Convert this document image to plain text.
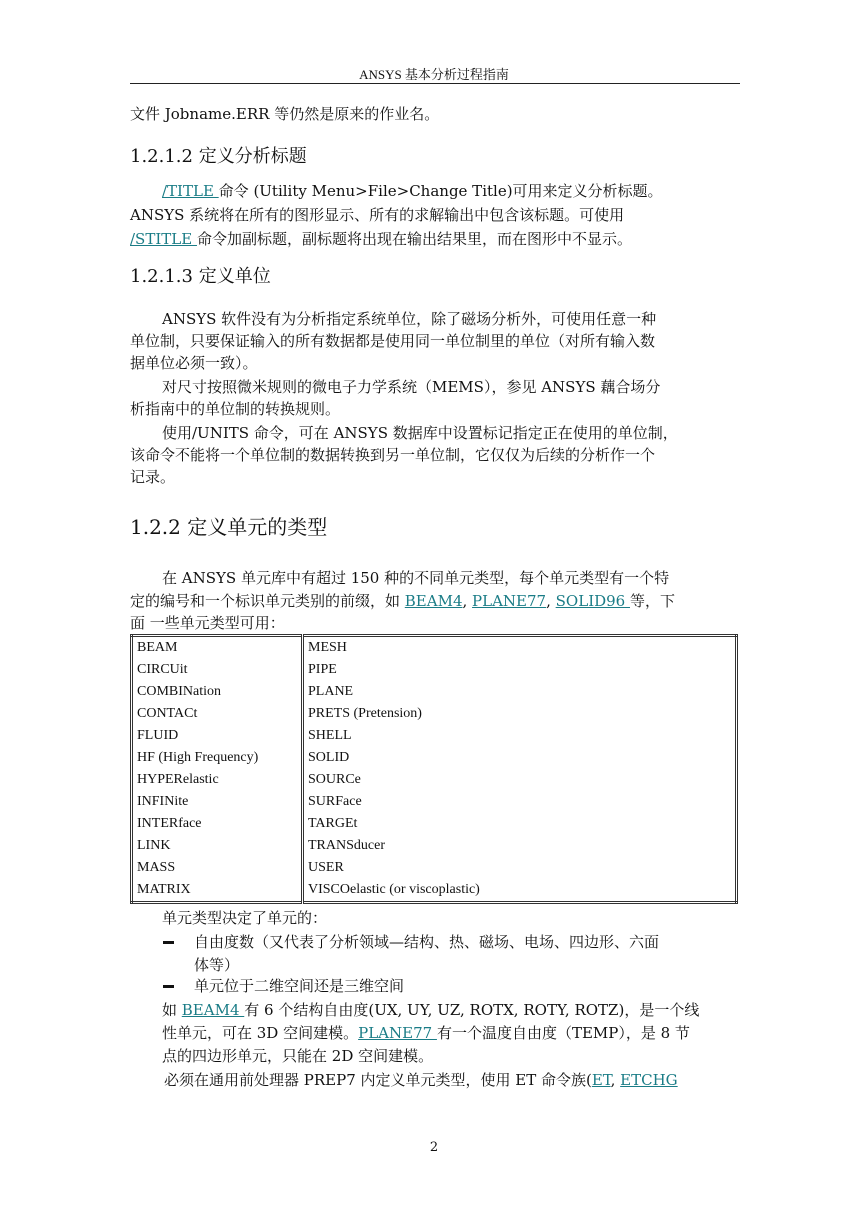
ANSYS 基本分析过程指南
文件 Jobname.ERR 等仍然是原来的作业名。
1.2.1.2 定义分析标题
/TITLE 命令 (Utility Menu>File>Change Title)可用来定义分析标题。
ANSYS 系统将在所有的图形显示、所有的求解输出中包含该标题。可使用
/STITLE 命令加副标题，副标题将出现在输出结果里，而在图形中不显示。
1.2.1.3 定义单位
ANSYS 软件没有为分析指定系统单位，除了磁场分析外，可使用任意一种
单位制，只要保证输入的所有数据都是使用同一单位制里的单位（对所有输入数
据单位必须一致）。
对尺寸按照微米规则的微电子力学系统（MEMS），参见 ANSYS 藕合场分
析指南中的单位制的转换规则。
使用/UNITS 命令，可在 ANSYS 数据库中设置标记指定正在使用的单位制，
该命令不能将一个单位制的数据转换到另一单位制，它仅仅为后续的分析作一个
记录。
1.2.2 定义单元的类型
在 ANSYS 单元库中有超过 150 种的不同单元类型，每个单元类型有一个特
定的编号和一个标识单元类别的前缀，如 BEAM4, PLANE77, SOLID96 等，下
面 一些单元类型可用：
BEAM	MESH
CIRCUit	PIPE
COMBINation	PLANE
CONTACt	PRETS (Pretension)
FLUID	SHELL
HF (High Frequency)	SOLID
HYPERelastic	SOURCe
INFINite	SURFace
INTERface	TARGEt
LINK	TRANSducer
MASS	USER
MATRIX	VISCOelastic (or viscoplastic)
单元类型决定了单元的：
自由度数（又代表了分析领域—结构、热、磁场、电场、四边形、六面
体等）
单元位于二维空间还是三维空间
如 BEAM4 有 6 个结构自由度(UX, UY, UZ, ROTX, ROTY, ROTZ)，是一个线
性单元，可在 3D 空间建模。PLANE77 有一个温度自由度（TEMP），是 8 节
点的四边形单元，只能在 2D 空间建模。
必须在通用前处理器 PREP7 内定义单元类型，使用 ET 命令族(ET, ETCHG
2
